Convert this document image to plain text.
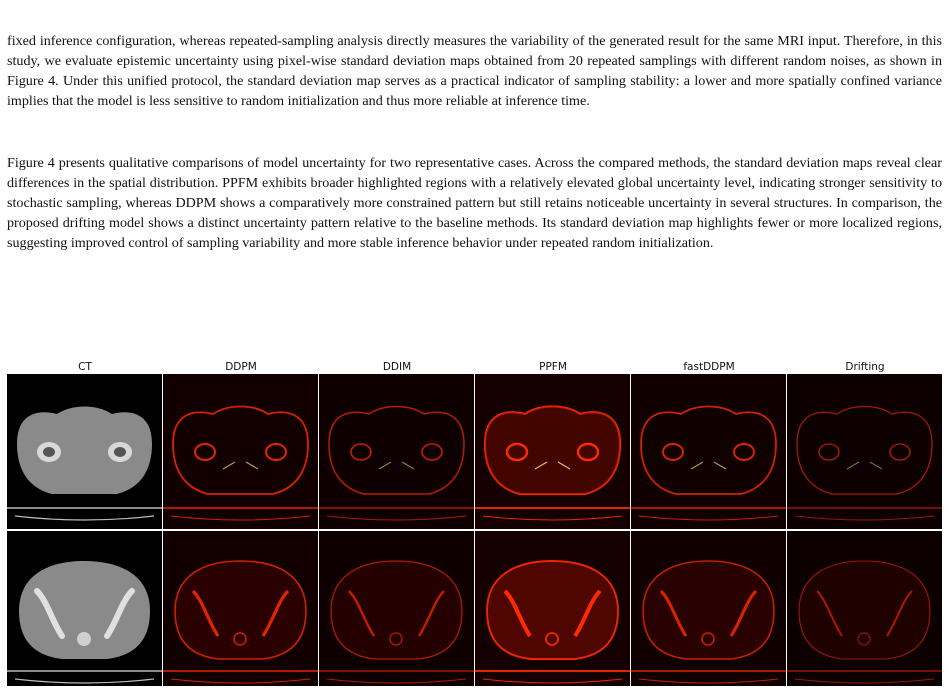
fixed inference configuration, whereas repeated-sampling analysis directly measures the variability of the generated result for the same MRI input. Therefore, in this study, we evaluate epistemic uncertainty using pixel-wise standard deviation maps obtained from 20 repeated samplings with different random noises, as shown in Figure 4. Under this unified protocol, the standard deviation map serves as a practical indicator of sampling stability: a lower and more spatially confined variance implies that the model is less sensitive to random initialization and thus more reliable at inference time.

Figure 4 presents qualitative comparisons of model uncertainty for two representative cases. Across the compared methods, the standard deviation maps reveal clear differences in the spatial distribution. PPFM exhibits broader highlighted regions with a relatively elevated global uncertainty level, indicating stronger sensitivity to stochastic sampling, whereas DDPM shows a comparatively more constrained pattern but still retains noticeable uncertainty in several structures. In comparison, the proposed drifting model shows a distinct uncertainty pattern relative to the baseline methods. Its standard deviation map highlights fewer or more localized regions, suggesting improved control of sampling variability and more stable inference behavior under repeated random initialization.

CT	DDPM	DDIM	PPFM	fastDDPM	Drifting
